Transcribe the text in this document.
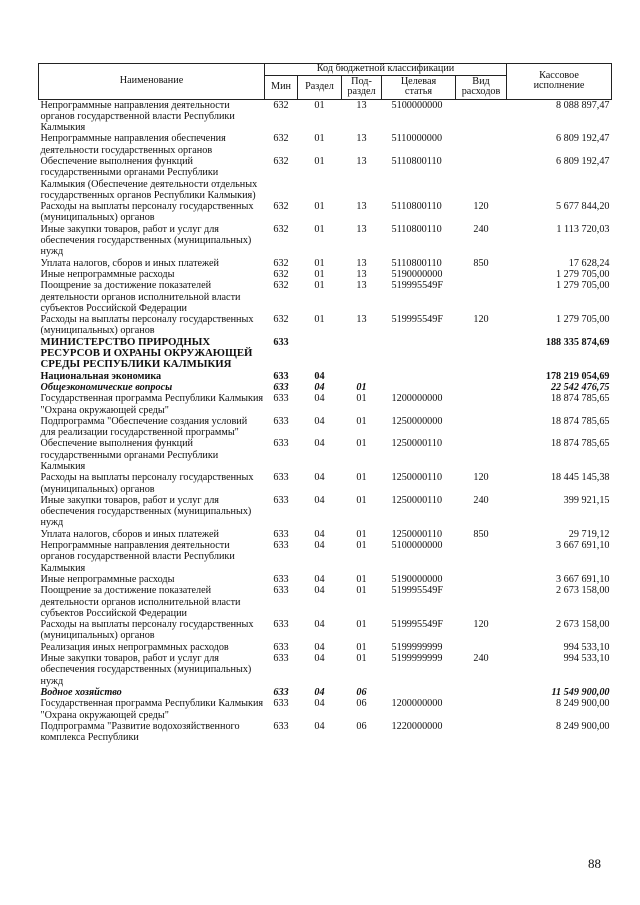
Наименование	Код бюджетной классификации					Кассовое
исполнение
	Мин	Раздел	Под-
раздел	Целевая
статья	Вид
расходов	
Непрограммные направления деятельности органов государственной власти Республики Калмыкия	632	01	13	5100000000		8 088 897,47
Непрограммные направления обеспечения деятельности государственных органов	632	01	13	5110000000		6 809 192,47
Обеспечение выполнения функций государственными органами Республики Калмыкия (Обеспечение деятельности отдельных государственных органов Республики Калмыкия)	632	01	13	5110800110		6 809 192,47
Расходы на выплаты персоналу государственных (муниципальных) органов	632	01	13	5110800110	120	5 677 844,20
Иные закупки товаров, работ и услуг для обеспечения государственных (муниципальных) нужд	632	01	13	5110800110	240	1 113 720,03
Уплата налогов, сборов и иных платежей	632	01	13	5110800110	850	17 628,24
Иные непрограммные расходы	632	01	13	5190000000		1 279 705,00
Поощрение за достижение показателей деятельности органов исполнительной власти субъектов Российской Федерации	632	01	13	519995549F		1 279 705,00
Расходы на выплаты персоналу государственных (муниципальных) органов	632	01	13	519995549F	120	1 279 705,00
МИНИСТЕРСТВО ПРИРОДНЫХ РЕСУРСОВ И ОХРАНЫ ОКРУЖАЮЩЕЙ СРЕДЫ РЕСПУБЛИКИ КАЛМЫКИЯ	633					188 335 874,69
Национальная экономика	633	04				178 219 054,69
Общеэкономические вопросы	633	04	01			22 542 476,75
Государственная программа Республики Калмыкия "Охрана окружающей среды"	633	04	01	1200000000		18 874 785,65
Подпрограмма "Обеспечение создания условий для реализации государственной программы"	633	04	01	1250000000		18 874 785,65
Обеспечение выполнения функций государственными органами Республики Калмыкия	633	04	01	1250000110		18 874 785,65
Расходы на выплаты персоналу государственных (муниципальных) органов	633	04	01	1250000110	120	18 445 145,38
Иные закупки товаров, работ и услуг для обеспечения государственных (муниципальных) нужд	633	04	01	1250000110	240	399 921,15
Уплата налогов, сборов и иных платежей	633	04	01	1250000110	850	29 719,12
Непрограммные направления деятельности органов государственной власти Республики Калмыкия	633	04	01	5100000000		3 667 691,10
Иные непрограммные расходы	633	04	01	5190000000		3 667 691,10
Поощрение за достижение показателей деятельности органов исполнительной власти субъектов Российской Федерации	633	04	01	519995549F		2 673 158,00
Расходы на выплаты персоналу государственных (муниципальных) органов	633	04	01	519995549F	120	2 673 158,00
Реализация иных непрограммных расходов	633	04	01	5199999999		994 533,10
Иные закупки товаров, работ и услуг для обеспечения государственных (муниципальных) нужд	633	04	01	5199999999	240	994 533,10
Водное хозяйство	633	04	06			11 549 900,00
Государственная программа Республики Калмыкия "Охрана окружающей среды"	633	04	06	1200000000		8 249 900,00
Подпрограмма "Развитие водохозяйственного комплекса Республики	633	04	06	1220000000		8 249 900,00
88
